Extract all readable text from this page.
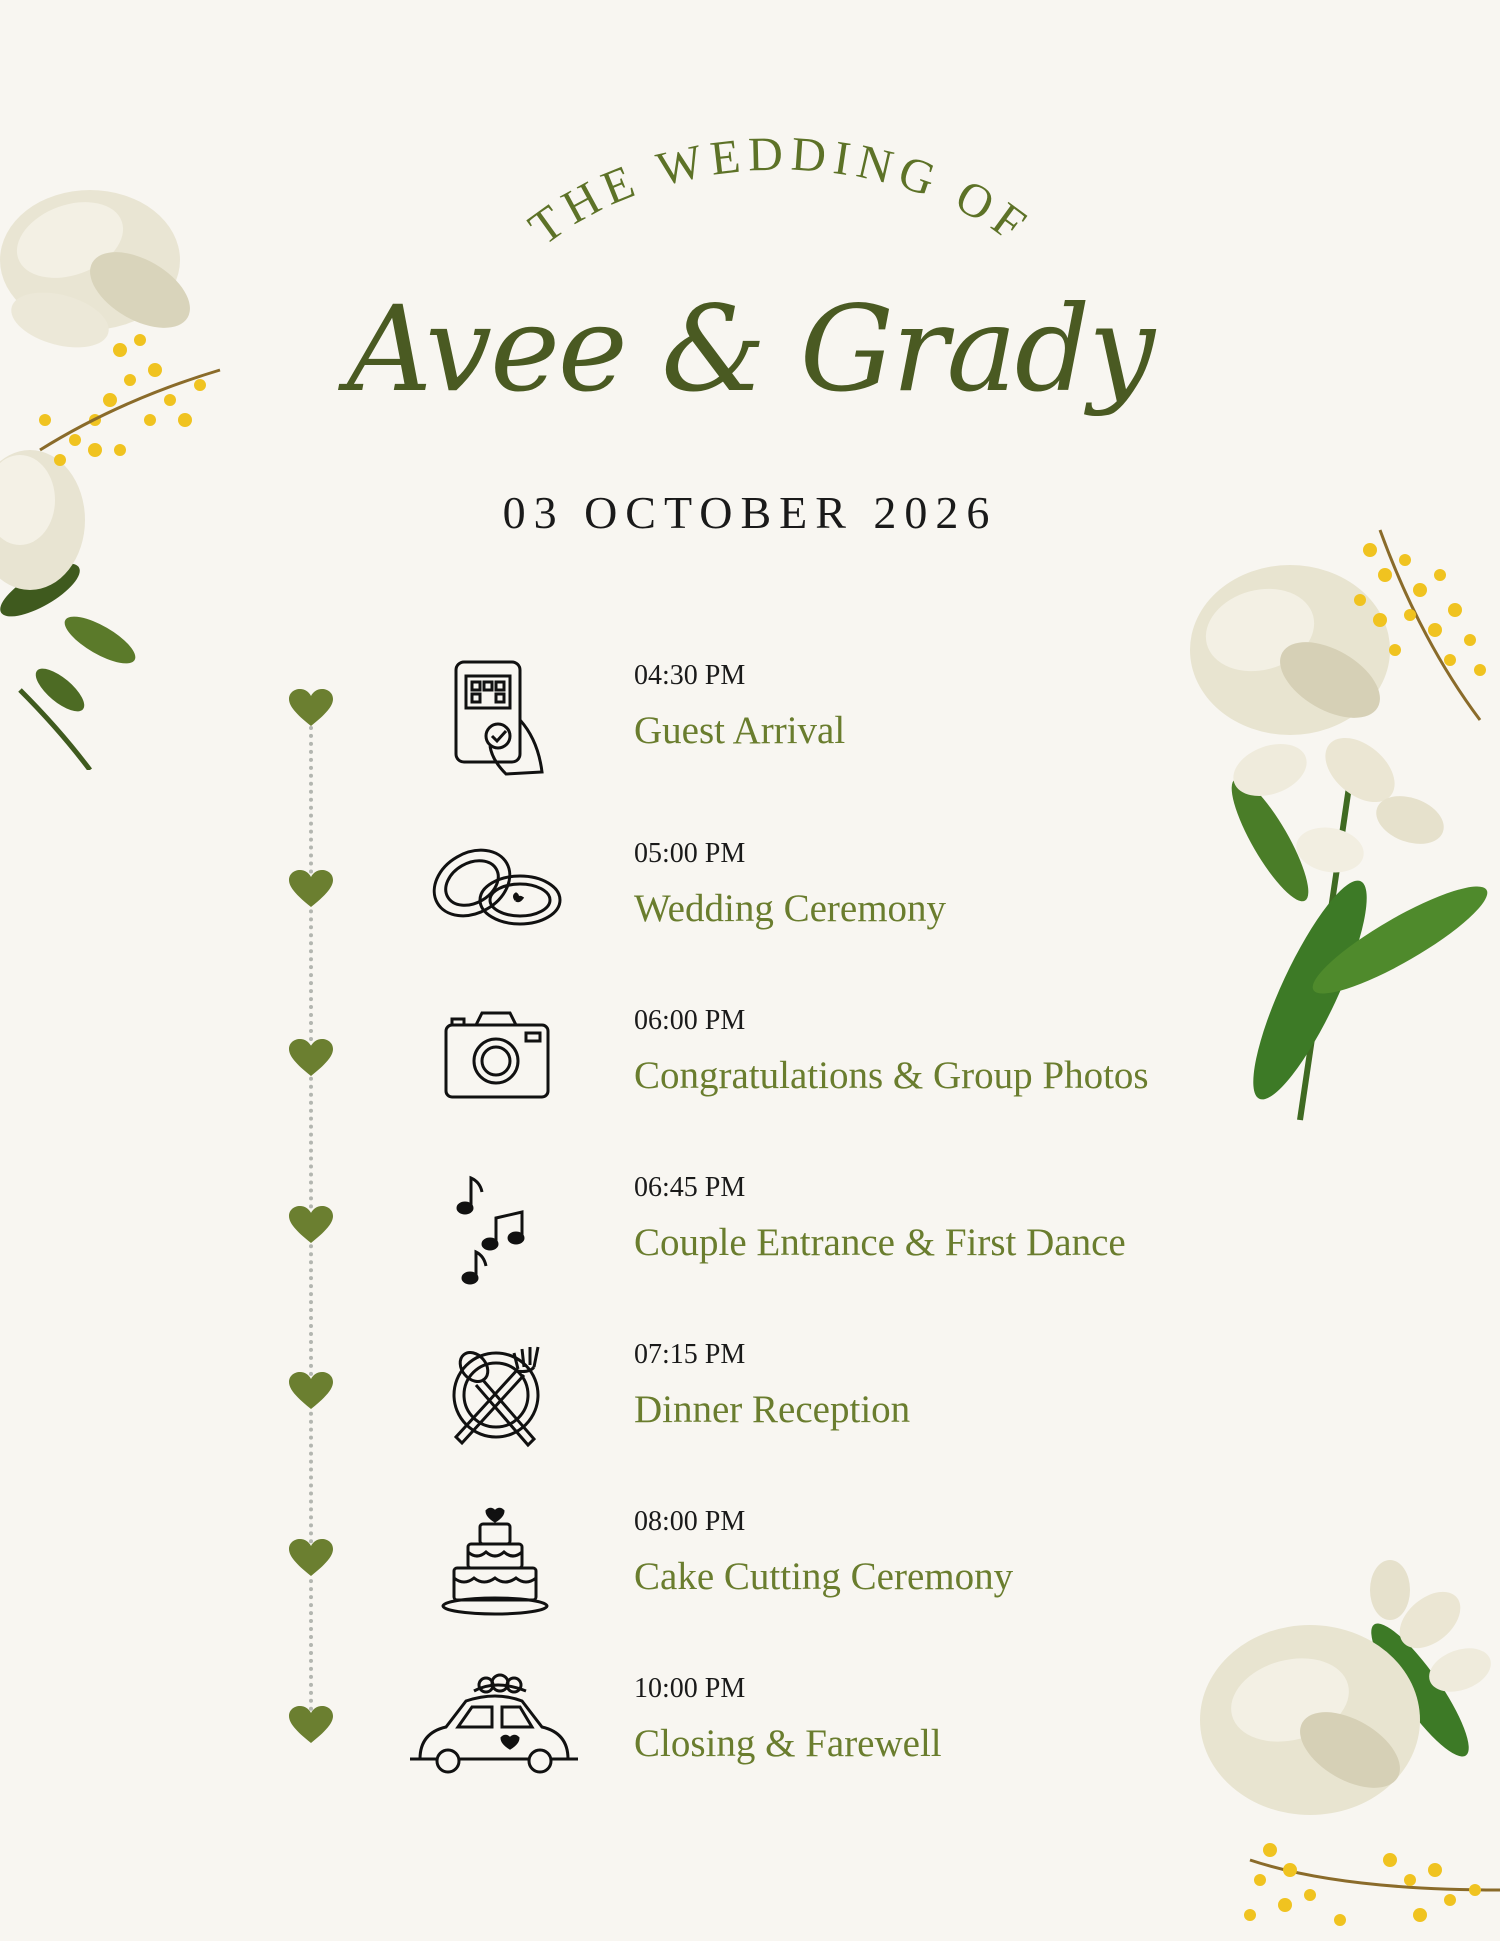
THE WEDDING OF
Avee & Grady
03 OCTOBER 2026
04:30 PM
Guest Arrival
05:00 PM
Wedding Ceremony
06:00 PM
Congratulations & Group Photos
06:45 PM
Couple Entrance & First Dance
07:15 PM
Dinner Reception
08:00 PM
Cake Cutting Ceremony
10:00 PM
Closing & Farewell
